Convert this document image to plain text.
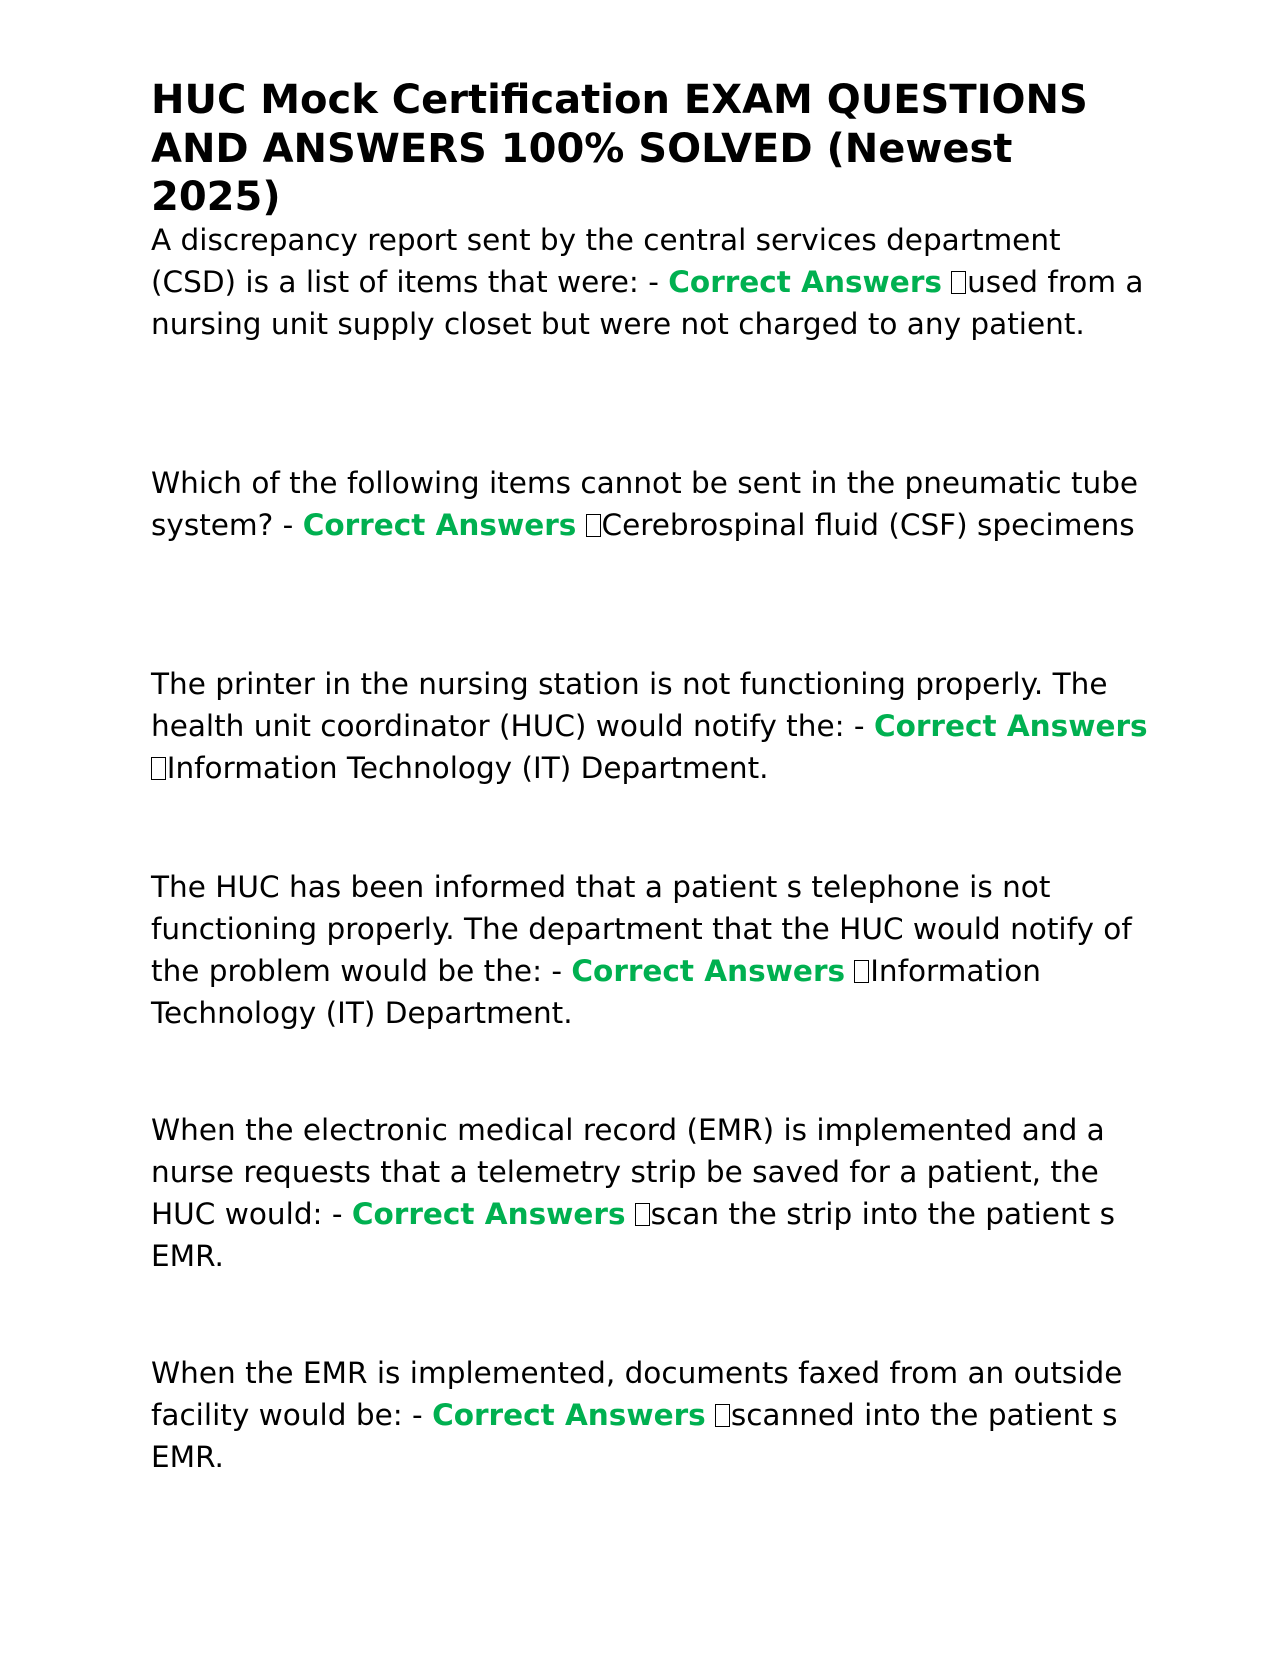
HUC Mock Certification EXAM QUESTIONS AND ANSWERS 100% SOLVED (Newest 2025)

A discrepancy report sent by the central services department (CSD) is a list of items that were: - Correct Answers used from a nursing unit supply closet but were not charged to any patient.

Which of the following items cannot be sent in the pneumatic tube system? - Correct Answers Cerebrospinal fluid (CSF) specimens

The printer in the nursing station is not functioning properly. The health unit coordinator (HUC) would notify the: - Correct Answers Information Technology (IT) Department.

The HUC has been informed that a patient s telephone is not functioning properly. The department that the HUC would notify of the problem would be the: - Correct Answers Information Technology (IT) Department.

When the electronic medical record (EMR) is implemented and a nurse requests that a telemetry strip be saved for a patient, the HUC would: - Correct Answers scan the strip into the patient s EMR.

When the EMR is implemented, documents faxed from an outside facility would be: - Correct Answers scanned into the patient s EMR.
